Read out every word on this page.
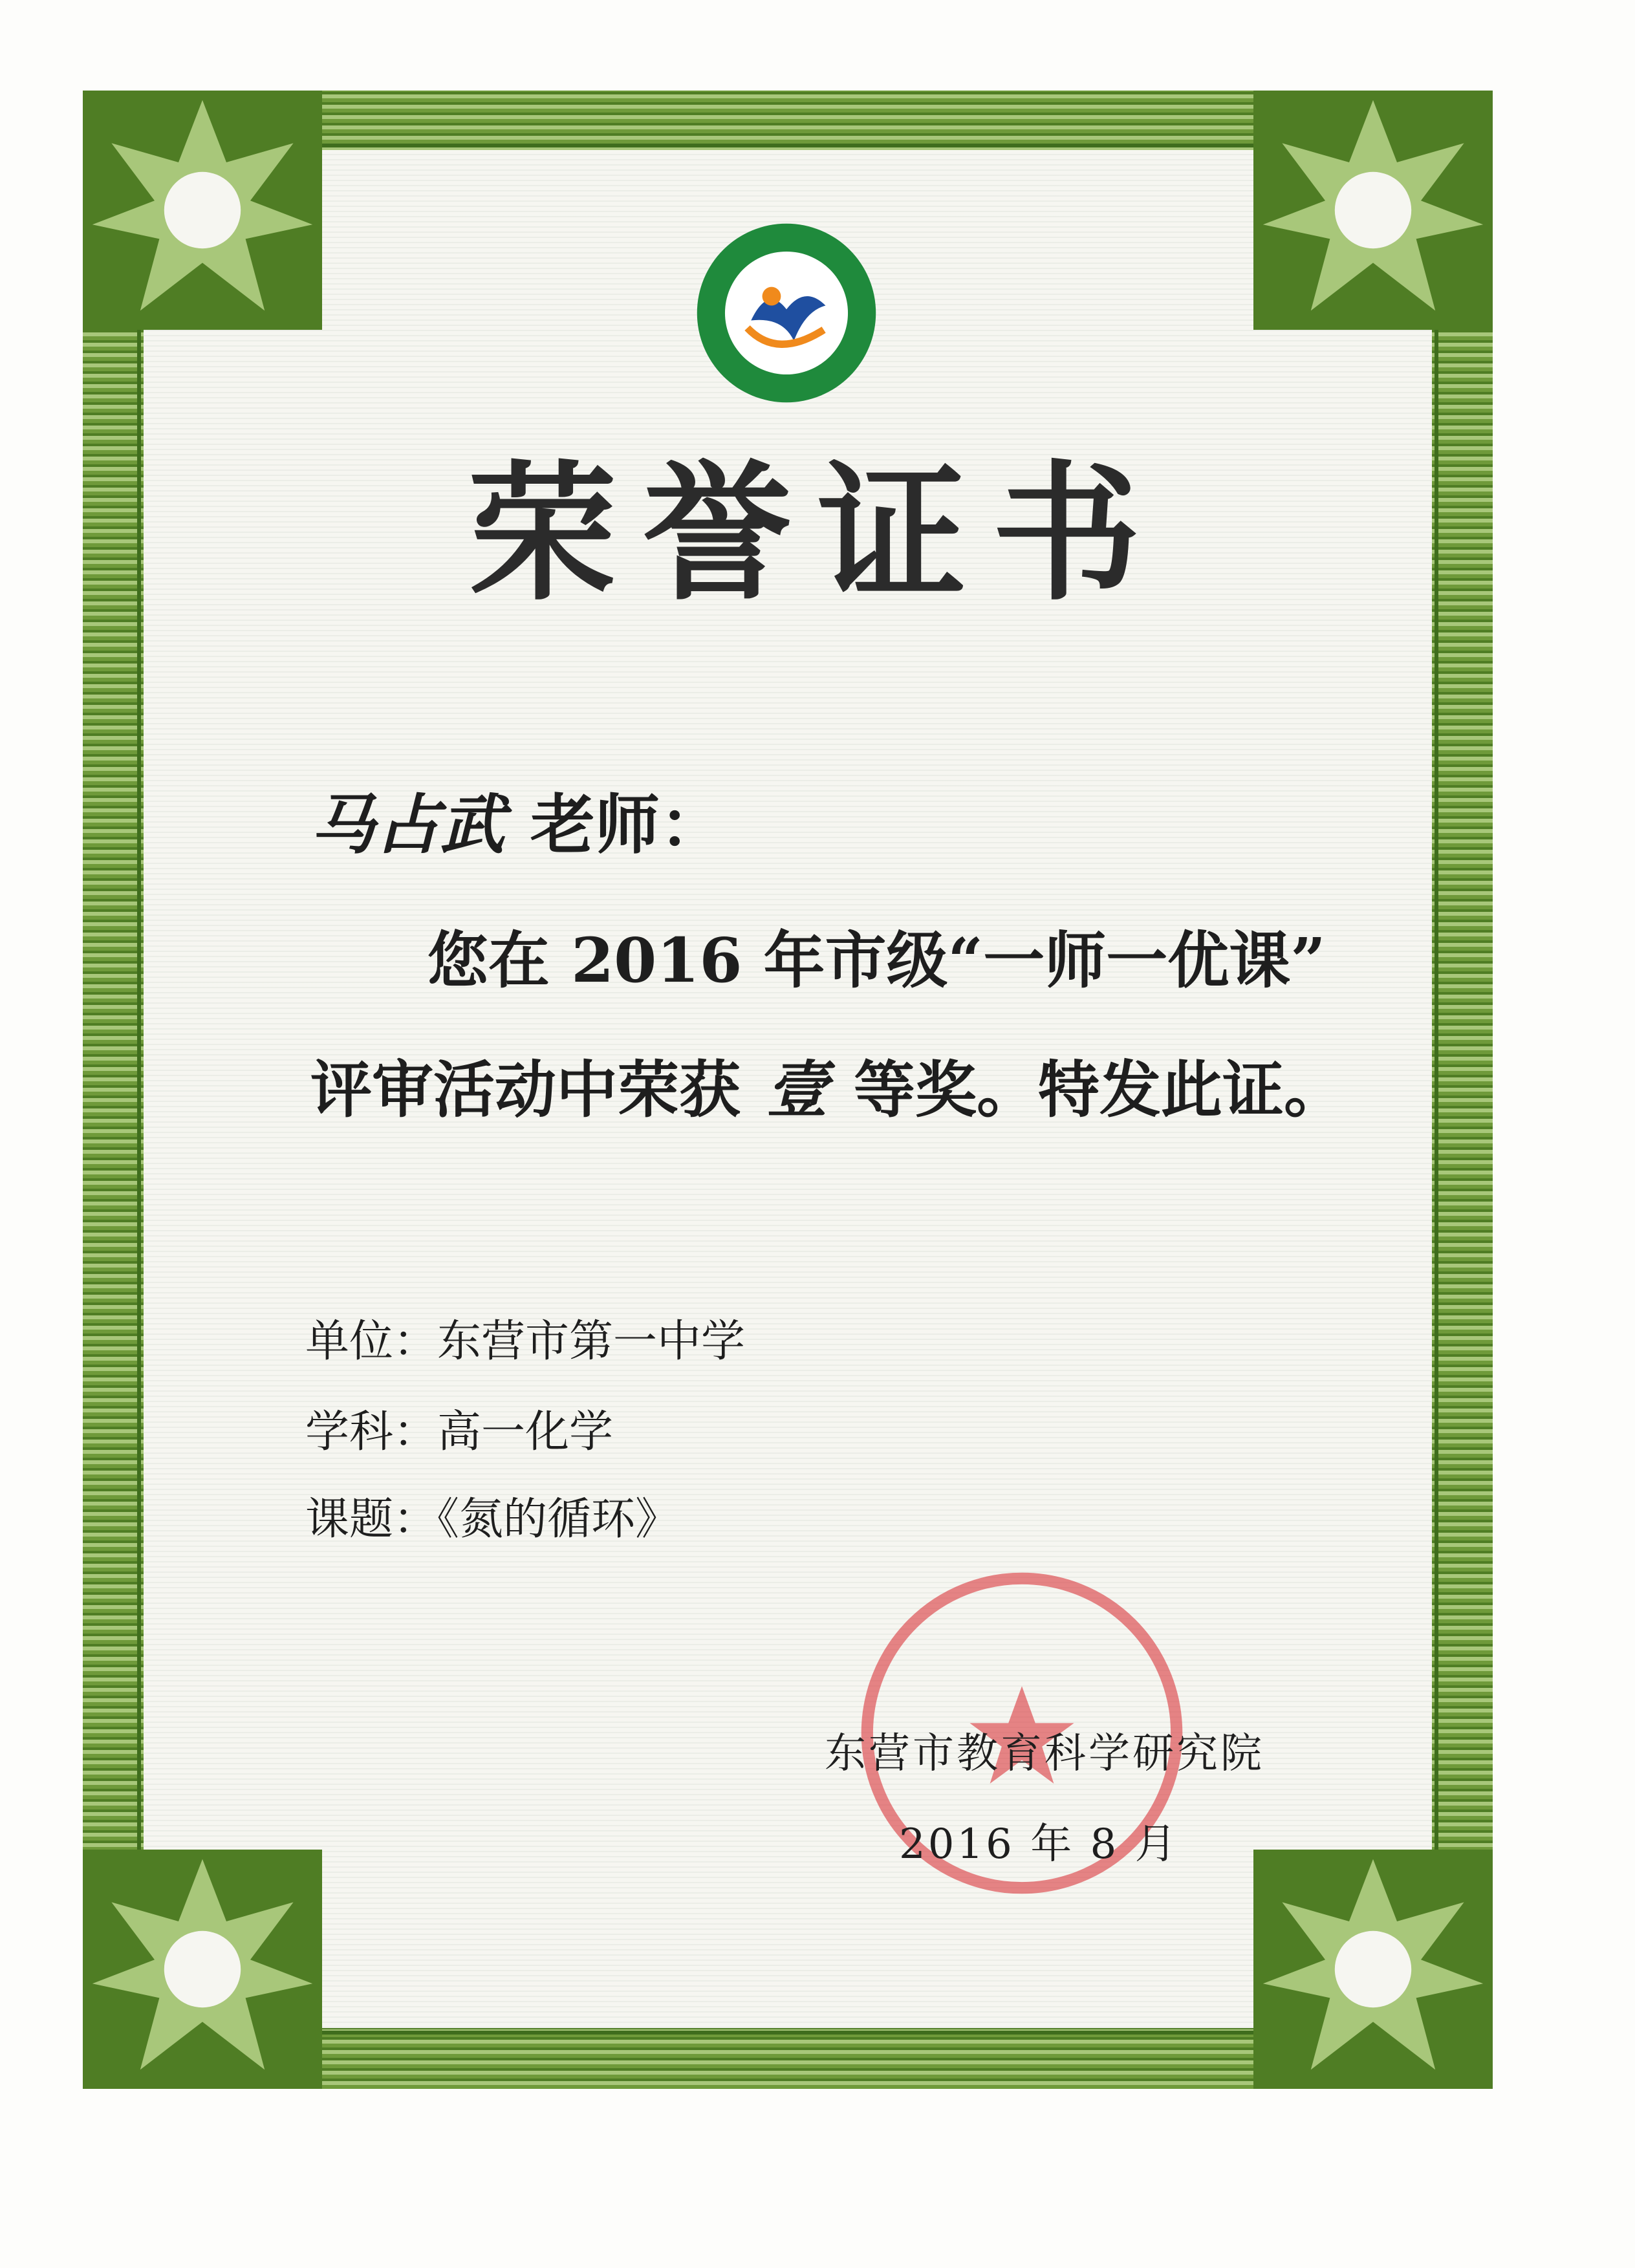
荣誉证书
马占武 老师：
您在 2016 年市级“一师一优课”
评审活动中荣获 壹 等奖。特发此证。
单位：东营市第一中学
学科：高一化学
课题：《氮的循环》
东营市教育科学研究院
2016 年 8 月
